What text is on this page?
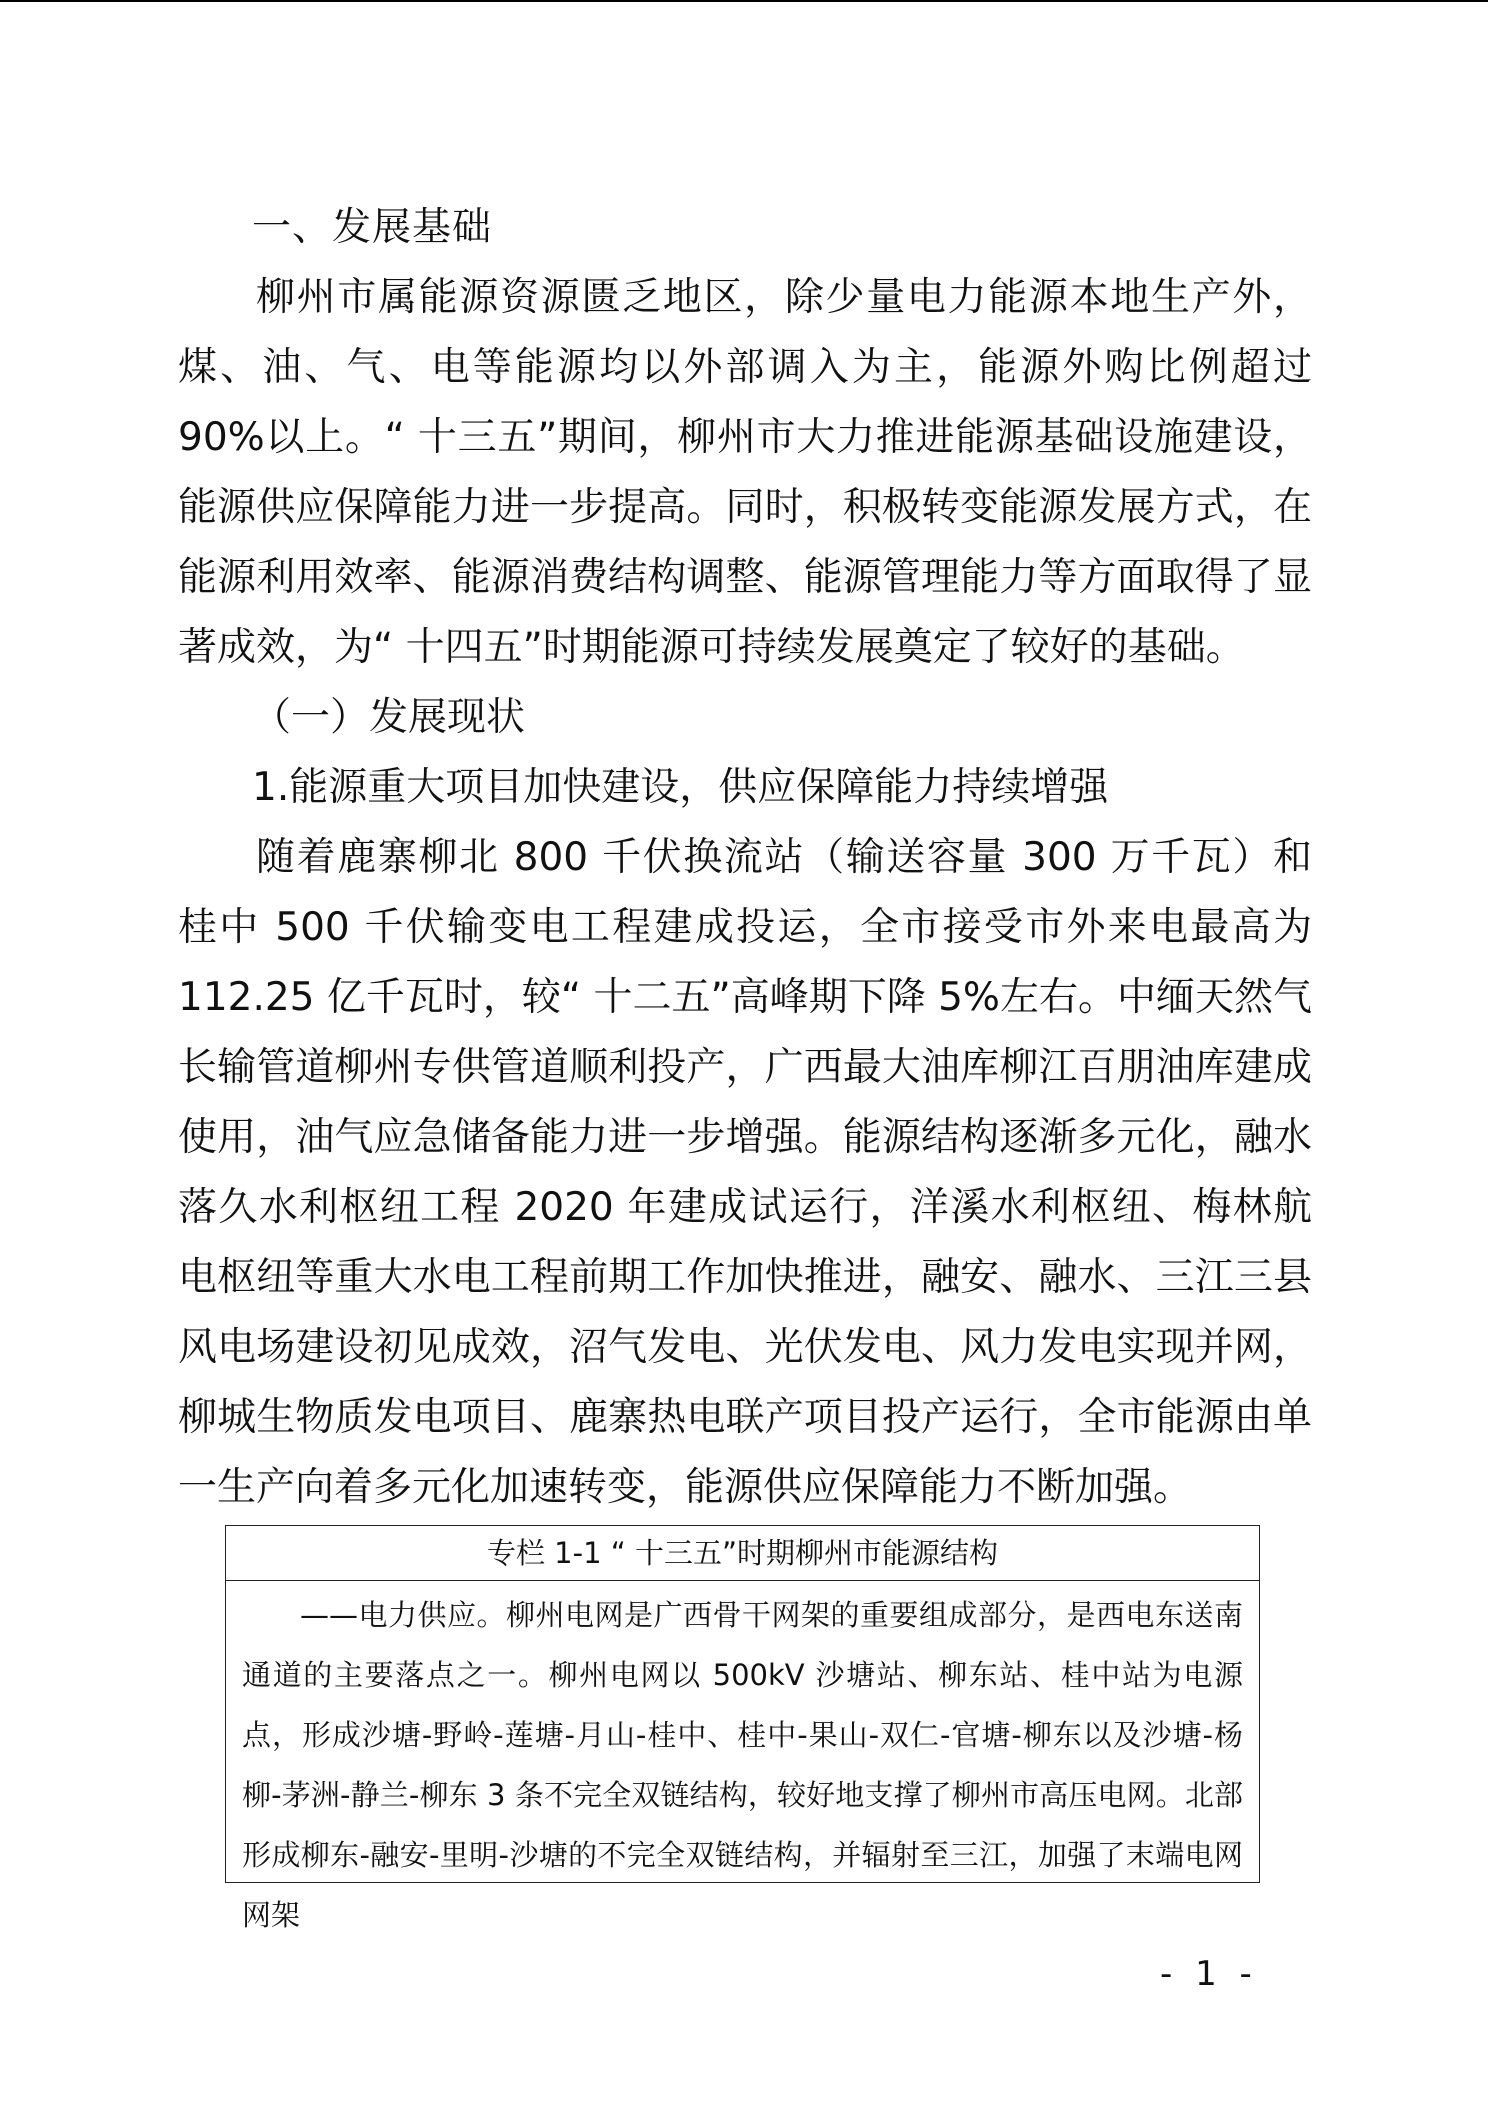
一、发展基础

柳州市属能源资源匮乏地区，除少量电力能源本地生产外，煤、油、气、电等能源均以外部调入为主，能源外购比例超过 90%以上。“ 十三五”期间，柳州市大力推进能源基础设施建设，能源供应保障能力进一步提高。同时，积极转变能源发展方式，在能源利用效率、能源消费结构调整、能源管理能力等方面取得了显著成效，为“ 十四五”时期能源可持续发展奠定了较好的基础。

（一）发展现状
1.能源重大项目加快建设，供应保障能力持续增强

随着鹿寨柳北 800 千伏换流站（输送容量 300 万千瓦）和桂中 500 千伏输变电工程建成投运，全市接受市外来电最高为 112.25 亿千瓦时，较“ 十二五”高峰期下降 5%左右。中缅天然气长输管道柳州专供管道顺利投产，广西最大油库柳江百朋油库建成使用，油气应急储备能力进一步增强。能源结构逐渐多元化，融水落久水利枢纽工程 2020 年建成试运行，洋溪水利枢纽、梅林航电枢纽等重大水电工程前期工作加快推进，融安、融水、三江三县风电场建设初见成效，沼气发电、光伏发电、风力发电实现并网，柳城生物质发电项目、鹿寨热电联产项目投产运行，全市能源由单一生产向着多元化加速转变，能源供应保障能力不断加强。

专栏 1-1 “ 十三五”时期柳州市能源结构
——电力供应。柳州电网是广西骨干网架的重要组成部分，是西电东送南通道的主要落点之一。柳州电网以 500kV 沙塘站、柳东站、桂中站为电源点，形成沙塘-野岭-莲塘-月山-桂中、桂中-果山-双仁-官塘-柳东以及沙塘-杨柳-茅洲-静兰-柳东 3 条不完全双链结构，较好地支撑了柳州市高压电网。北部形成柳东-融安-里明-沙塘的不完全双链结构，并辐射至三江，加强了末端电网网架
- 1 -
